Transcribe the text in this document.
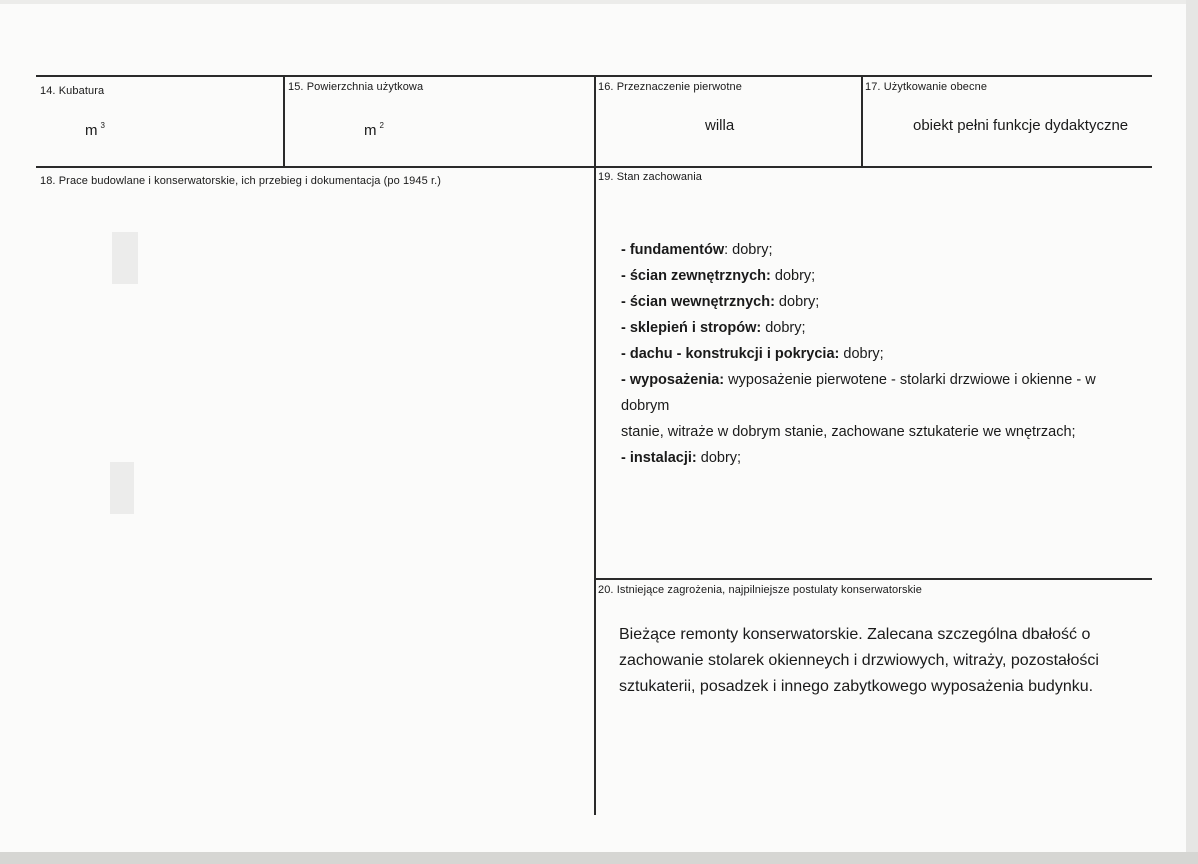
14. Kubatura
m $^3$
15. Powierzchnia użytkowa
m $^2$
16. Przeznaczenie pierwotne
willa
17. Użytkowanie obecne
obiekt pełni funkcje dydaktyczne
18. Prace budowlane i konserwatorskie, ich przebieg i dokumentacja (po 1945 r.)	19. Stan zachowania
- fundamentów: dobry;
- ścian zewnętrznych: dobry;
- ścian wewnętrznych: dobry;
- sklepień i stropów: dobry;
- dachu - konstrukcji i pokrycia: dobry;
- wyposażenia: wyposażenie pierwotene - stolarki drzwiowe i okienne - w dobrym
stanie, witraże w dobrym stanie, zachowane sztukaterie we wnętrzach;
- instalacji: dobry;
20. Istniejące zagrożenia, najpilniejsze postulaty konserwatorskie
Bieżące remonty konserwatorskie. Zalecana szczególna dbałość o zachowanie stolarek okienneych i drzwiowych, witraży, pozostałości sztukaterii, posadzek i innego zabytkowego wyposażenia budynku.
